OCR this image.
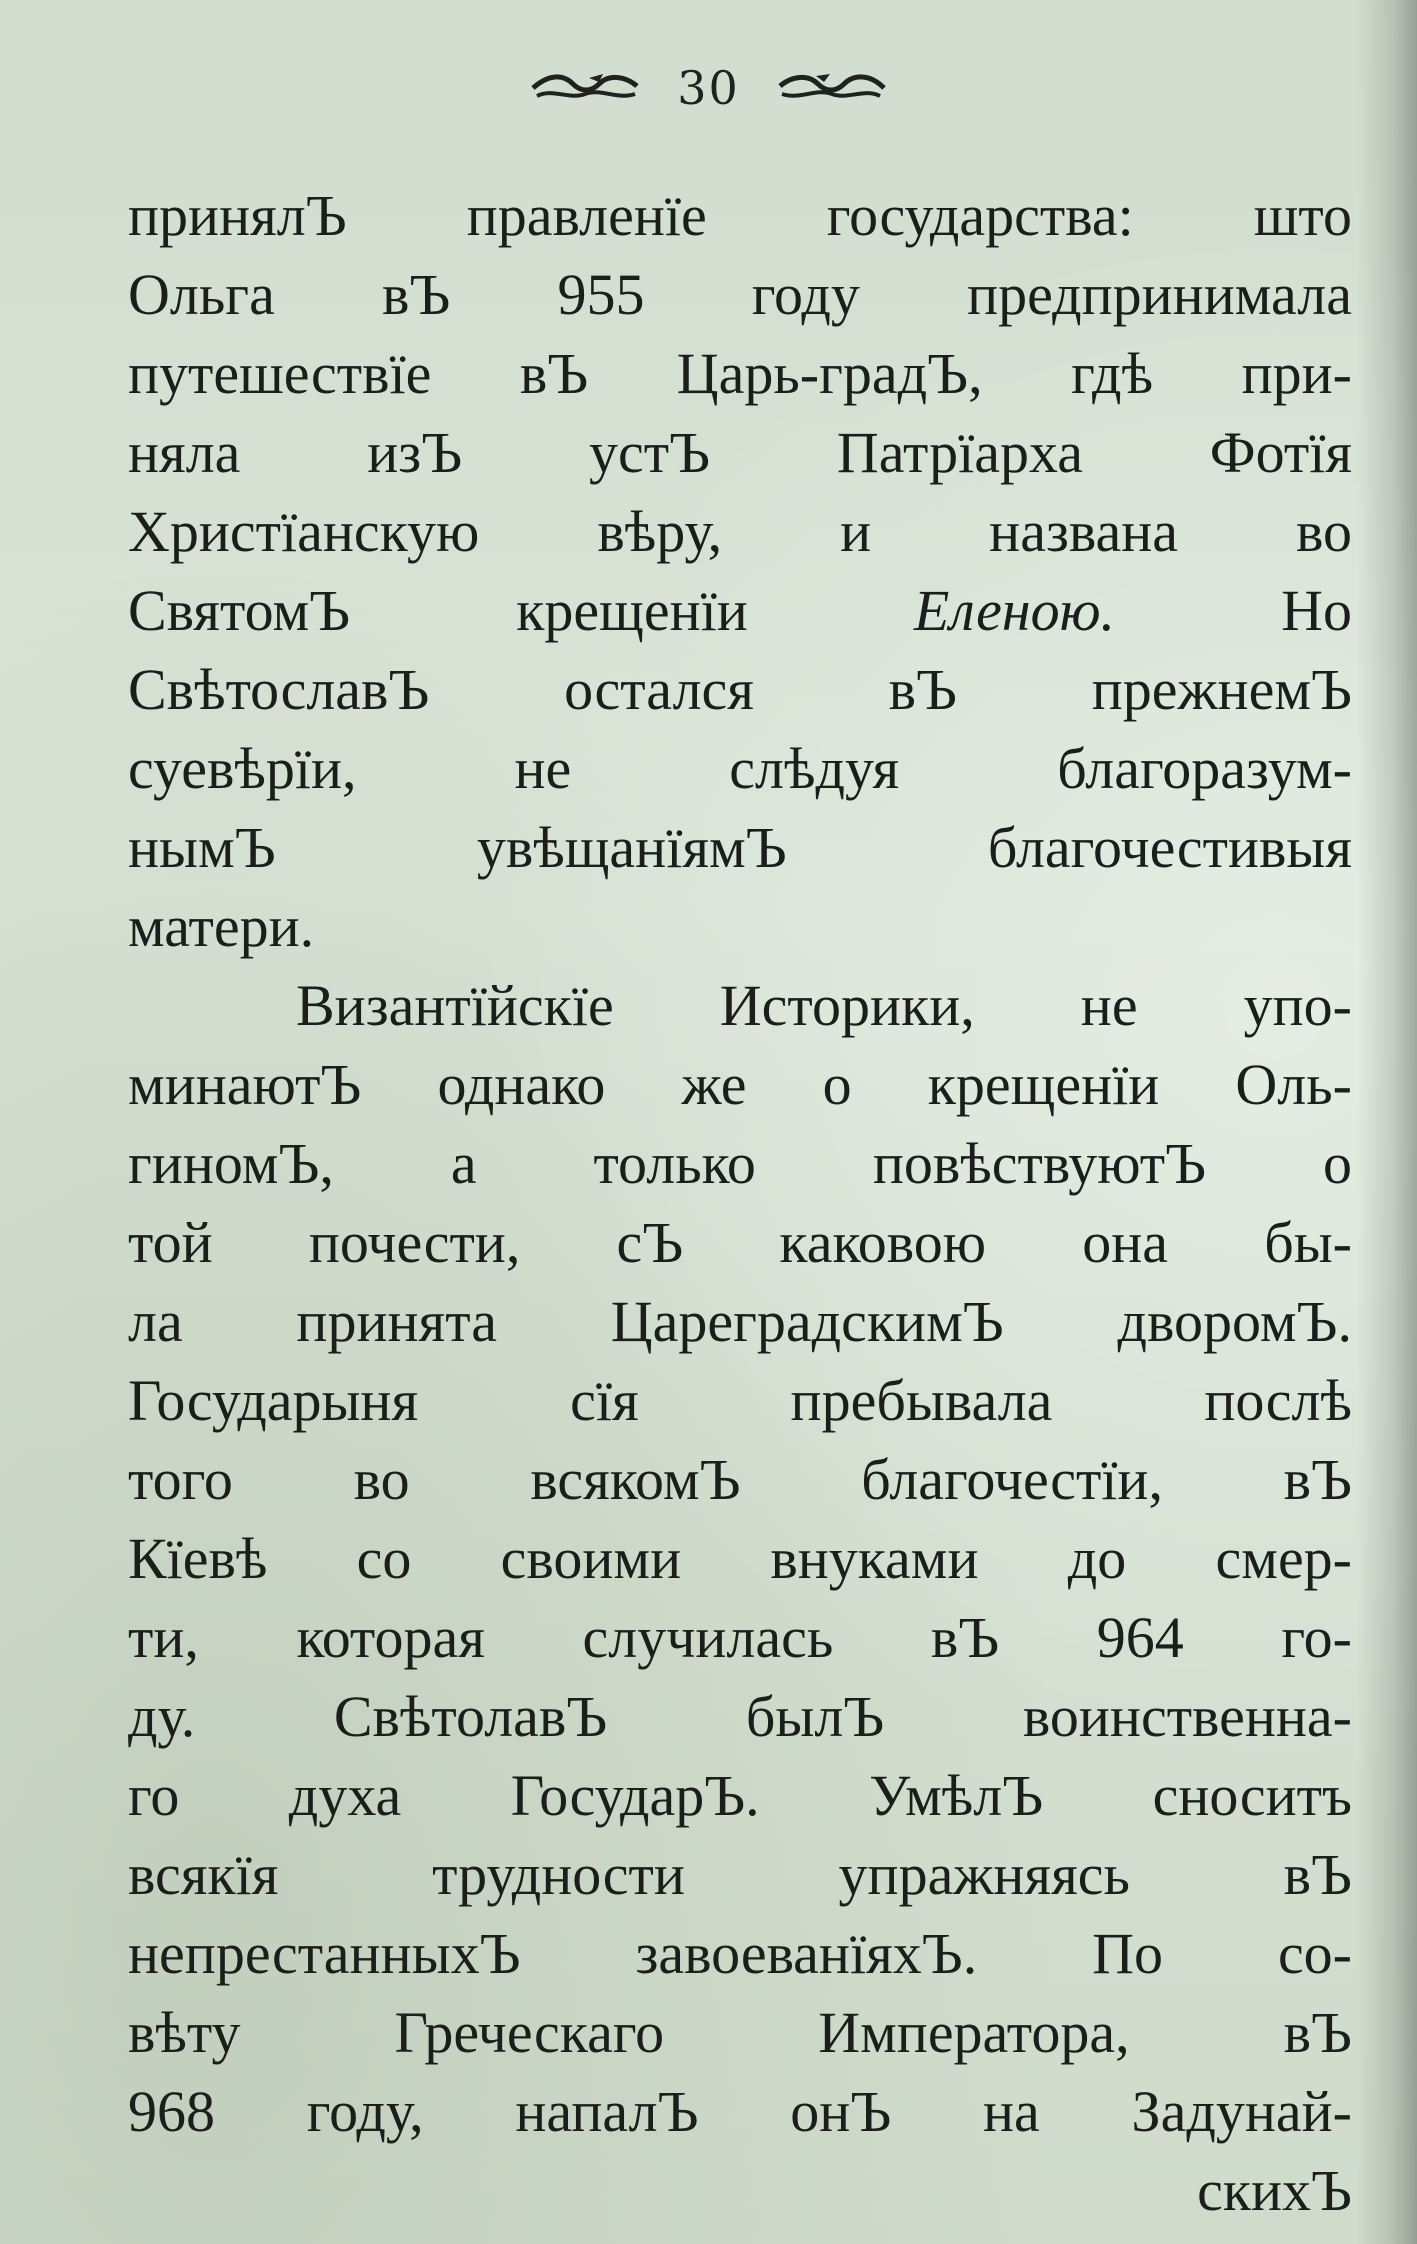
30
принялЪ правленїе государства: што
Ольга вЪ 955 году предпринимала
путешествїе вЪ Царь-градЪ, гдѣ при-
няла изЪ устЪ Патрїарха Фотїя
Христїанскую вѣру, и названа во
СвятомЪ крещенїи	Еленою.	Но
СвѣтославЪ остался вЪ прежнемЪ
суевѣрїи, не слѣдуя благоразум-
нымЪ увѣщанїямЪ благочестивыя
матери.
Византїйскїе Историки, не упо-
минаютЪ однако же о крещенїи Оль-
гиномЪ, а только повѣствуютЪ о
той почести, сЪ каковою она бы-
ла принята ЦареградскимЪ дворомЪ.
Государыня сїя пребывала послѣ
того во всякомЪ благочестїи, вЪ
Кїевѣ со своими внуками до смер-
ти, которая случилась вЪ 964 го-
ду. СвѣтолавЪ былЪ воинственна-
го духа ГосударЪ. УмѣлЪ сноситъ
всякїя трудности упражняясь вЪ
непрестанныхЪ завоеванїяхЪ. По со-
вѣту Греческаго Императора, вЪ
968 году, напалЪ онЪ на Задунай-
скихЪ
